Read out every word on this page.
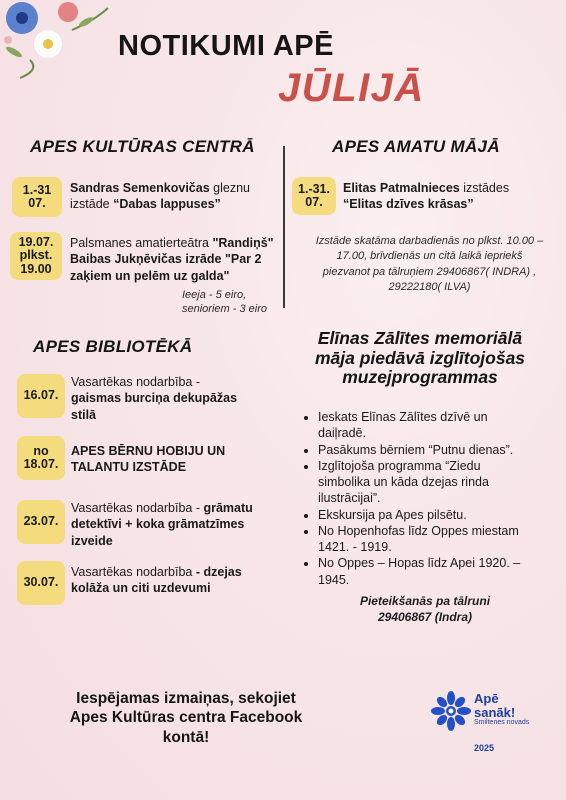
NOTIKUMI APĒ
JŪLIJĀ
APES KULTŪRAS CENTRĀ
1.-31
07.
Sandras Semenkovičas gleznu izstāde “Dabas lappuses”
19.07.
plkst.
19.00
Palsmanes amatierteātra "Randiņš" Baibas Jukņēvičas izrāde "Par 2 zaķiem un pelēm uz galda"
Ieeja - 5 eiro,
senioriem - 3 eiro
APES AMATU MĀJĀ
1.-31.
07.
Elitas Patmalnieces izstādes “Elitas dzīves krāsas”
Izstāde skatāma darbadienās no plkst. 10.00 – 17.00, brīvdienās un citā laikā iepriekš piezvanot pa tālruņiem 29406867( INDRA) , 29222180( ILVA)
APES BIBLIOTĒKĀ
16.07.
Vasartēkas nodarbība - gaismas burciņa dekupāžas stilā
no
18.07.
APES BĒRNU HOBIJU UN TALANTU IZSTĀDE
23.07.
Vasartēkas nodarbība - grāmatu detektīvi + koka grāmatzīmes izveide
30.07.
Vasartēkas nodarbība - dzejas kolāža un citi uzdevumi
Elīnas Zālītes memoriālā māja piedāvā izglītojošas muzejprogrammas
• Ieskats Elīnas Zālītes dzīvē un daiļradē.
• Pasākums bērniem “Putnu dienas”.
• Izglītojoša programma “Ziedu simbolika un kāda dzejas rinda ilustrācijai”.
• Ekskursija pa Apes pilsētu.
• No Hopenhofas līdz Oppes miestam 1421. - 1919.
• No Oppes – Hopas līdz Apei 1920. – 1945.
Pieteikšanās pa tālruni
29406867 (Indra)
Iespējamas izmaiņas, sekojiet
Apes Kultūras centra Facebook
kontā!
Apē
sanāk!
Smiltenes novads
2025
